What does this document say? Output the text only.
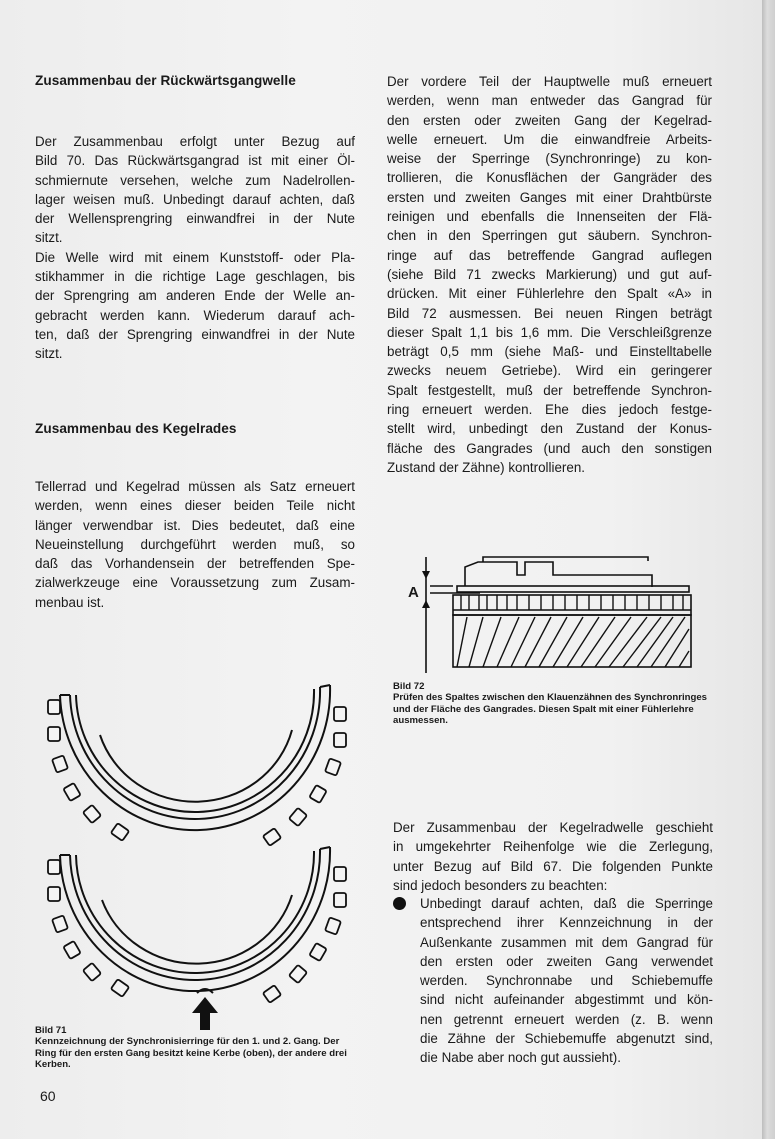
Zusammenbau der Rückwärtsgangwelle
Der Zusammenbau erfolgt unter Bezug auf
Bild 70. Das Rückwärtsgangrad ist mit einer Öl-
schmiernute versehen, welche zum Nadelrollen-
lager weisen muß. Unbedingt darauf achten, daß
der Wellensprengring einwandfrei in der Nute
sitzt.
Die Welle wird mit einem Kunststoff- oder Pla-
stikhammer in die richtige Lage geschlagen, bis
der Sprengring am anderen Ende der Welle an-
gebracht werden kann. Wiederum darauf ach-
ten, daß der Sprengring einwandfrei in der Nute
sitzt.
Zusammenbau des Kegelrades
Tellerrad und Kegelrad müssen als Satz erneuert
werden, wenn eines dieser beiden Teile nicht
länger verwendbar ist. Dies bedeutet, daß eine
Neueinstellung durchgeführt werden muß, so
daß das Vorhandensein der betreffenden Spe-
zialwerkzeuge eine Voraussetzung zum Zusam-
menbau ist.
Bild 71
Kennzeichnung der Synchronisierringe für den 1. und 2. Gang. Der
Ring für den ersten Gang besitzt keine Kerbe (oben), der andere drei
Kerben.
60
Der vordere Teil der Hauptwelle muß erneuert
werden, wenn man entweder das Gangrad für
den ersten oder zweiten Gang der Kegelrad-
welle erneuert. Um die einwandfreie Arbeits-
weise der Sperringe (Synchronringe) zu kon-
trollieren, die Konusflächen der Gangräder des
ersten und zweiten Ganges mit einer Drahtbürste
reinigen und ebenfalls die Innenseiten der Flä-
chen in den Sperringen gut säubern. Synchron-
ringe auf das betreffende Gangrad auflegen
(siehe Bild 71 zwecks Markierung) und gut auf-
drücken. Mit einer Fühlerlehre den Spalt «A» in
Bild 72 ausmessen. Bei neuen Ringen beträgt
dieser Spalt 1,1 bis 1,6 mm. Die Verschleißgrenze
beträgt 0,5 mm (siehe Maß- und Einstelltabelle
zwecks neuem Getriebe). Wird ein geringerer
Spalt festgestellt, muß der betreffende Synchron-
ring erneuert werden. Ehe dies jedoch festge-
stellt wird, unbedingt den Zustand der Konus-
fläche des Gangrades (und auch den sonstigen
Zustand der Zähne) kontrollieren.
A
Bild 72
Prüfen des Spaltes zwischen den Klauenzähnen des Synchronringes
und der Fläche des Gangrades. Diesen Spalt mit einer Fühlerlehre
ausmessen.
Der Zusammenbau der Kegelradwelle geschieht
in umgekehrter Reihenfolge wie die Zerlegung,
unter Bezug auf Bild 67. Die folgenden Punkte
sind jedoch besonders zu beachten:
Unbedingt darauf achten, daß die Sperringe
entsprechend ihrer Kennzeichnung in der
Außenkante zusammen mit dem Gangrad für
den ersten oder zweiten Gang verwendet
werden. Synchronnabe und Schiebemuffe
sind nicht aufeinander abgestimmt und kön-
nen getrennt erneuert werden (z. B. wenn
die Zähne der Schiebemuffe abgenutzt sind,
die Nabe aber noch gut aussieht).
